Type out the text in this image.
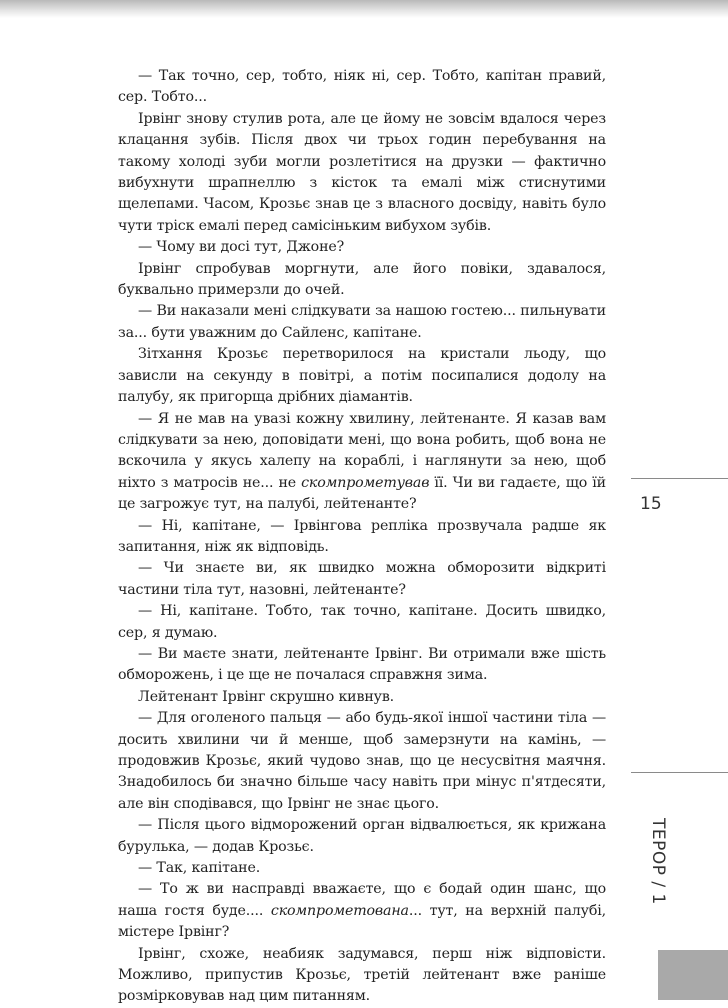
— Так точно, сер, тобто, ніяк ні, сер. Тобто, капітан правий, сер. Тобто...

Ірвінг знову стулив рота, але це йому не зовсім вдалося через клацання зубів. Після двох чи трьох годин перебування на такому холоді зуби могли розлетітися на друзки — фактично вибухнути шрапнеллю з кісток та емалі між стиснутими щелепами. Часом, Крозьє знав це з власного досвіду, навіть було чути тріск емалі перед самісіньким вибухом зубів.

— Чому ви досі тут, Джоне?

Ірвінг спробував моргнути, але його повіки, здавалося, буквально примерзли до очей.

— Ви наказали мені слідкувати за нашою гостею... пильнувати за... бути уважним до Сайленс, капітане.

Зітхання Крозьє перетворилося на кристали льоду, що зависли на секунду в повітрі, а потім посипалися додолу на палубу, як пригорща дрібних діамантів.

— Я не мав на увазі кожну хвилину, лейтенанте. Я казав вам слідкувати за нею, доповідати мені, що вона робить, щоб вона не вскочила у якусь халепу на кораблі, і наглянути за нею, щоб ніхто з матросів не... не скомпрометував її. Чи ви гадаєте, що їй це загрожує тут, на палубі, лейтенанте?

— Ні, капітане, — Ірвінгова репліка прозвучала радше як запитання, ніж як відповідь.

— Чи знаєте ви, як швидко можна обморозити відкриті частини тіла тут, назовні, лейтенанте?

— Ні, капітане. Тобто, так точно, капітане. Досить швидко, сер, я думаю.

— Ви маєте знати, лейтенанте Ірвінг. Ви отримали вже шість обморожень, і це ще не почалася справжня зима.

Лейтенант Ірвінг скрушно кивнув.

— Для оголеного пальця — або будь-якої іншої частини тіла — досить хвилини чи й менше, щоб замерзнути на камінь, — продовжив Крозьє, який чудово знав, що це несусвітня маячня. Знадобилось би значно більше часу навіть при мінус п'ятдесяти, але він сподівався, що Ірвінг не знає цього.

— Після цього відморожений орган відвалюється, як крижана бурулька, — додав Крозьє.

— Так, капітане.

— То ж ви насправді вважаєте, що є бодай один шанс, що наша гостя буде.... скомпрометована... тут, на верхній палубі, містере Ірвінг?

Ірвінг, схоже, неабияк задумався, перш ніж відповісти. Можливо, припустив Крозьє, третій лейтенант вже раніше розмірковував над цим питанням.

15
ТЕРОР / 1
